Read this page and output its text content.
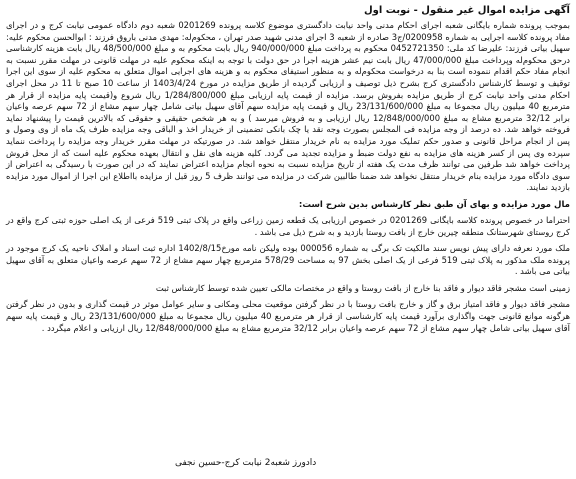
آگهی مزایده اموال غیر منقول - نوبت اول

بموجب پرونده شماره بایگانی شعبه اجرای احکام مدنی واحد نیابت دادگستری موضوع کلاسه پرونده 0201269 شعبه دوم دادگاه عمومی نیابت کرج و در اجرای مفاد پرونده کلاسه اجرایی به شماره 0200958/ج3 صادره از شعبه 3 اجرای مدنی شهید صدر تهران ، محکوم‌له: مهدی مدنی باروق فرزند : ابوالحسن محکوم علیه: سهیل بیاتی فرزند: علیرضا کد ملی: 0452721350 محکوم به پرداخت مبلغ 940/000/000 ریال بابت محکوم به و مبلغ 48/500/000 ریال بابت هزینه کارشناسی درحق محکوم‌له وپرداخت مبلغ 47/000/000 ریال بابت نیم عشر هزینه اجرا در حق دولت با توجه به اینکه محکوم علیه در مهلت قانونی در مهلت مقرر نسبت به انجام مفاد حکم اقدام ننموده است بنا به درخواست محکوم‌له و به منظور استیفای محکوم به و هزینه های اجرایی اموال متعلق به محکوم علیه از سوی این اجرا توقیف و توسط کارشناس دادگستری کرج بشرح ذیل توصیف و ارزیابی گردیده از طریق مزایده در مورخ 1403/4/24 از ساعت 10 صبح تا 11 در محل اجرای احکام مدنی واحد نیابت کرج از طریق مزایده بفروش برسد. مزایده از قیمت پایه ارزیابی مبلغ 1/284/800/000 ریال شروع و(قیمت پایه مزایده از قرار هر مترمربع 40 میلیون ریال مجموعا به مبلغ 23/131/600/000 ریال و قیمت پایه مزایده سهم آقای سهیل بیاتی شامل چهار سهم مشاع از 72 سهم عرصه واعیان برابر 32/12 مترمربع مشاع به مبلغ 12/848/000/000 ریال ارزیابی و به فروش میرسد ) و به هر شخص حقیقی و حقوقی که بالاترین قیمت را پیشنهاد نماید فروخته خواهد شد. ده درصد از وجه مزایده فی المجلس بصورت وجه نقد یا چک بانکی تضمینی از خریدار اخذ و الباقی وجه مزایده ظرف یک ماه از وی وصول و پس از انجام مراحل قانونی و صدور حکم تملیک مورد مزایده به نام خریدار منتقل خواهد شد. در صورتیکه در مهلت مقرر خریدار وجه مزایده را پرداخت ننماید سپرده وی پس از کسر هزینه های مزایده به نفع دولت ضبط و مزایده تجدید می گردد. کلیه هزینه های نقل و انتقال بعهده محکوم علیه است که از محل فروش پرداخت خواهد شد طرفین می توانند ظرف مدت یک هفته از تاریخ مزایده نسبت به نحوه انجام مزایده اعتراض نمایند که در این صورت با رسیدگی به اعتراض از سوی دادگاه مورد مزایده بنام خریدار منتقل نخواهد شد ضمنا طالبین شرکت در مزایده می توانند ظرف 5 روز قبل از مزایده بااطلاع این اجرا از اموال مورد مزایده بازدید نمایند.

مال مورد مزایده و بهای آن طبق نظر کارشناس بدین شرح است:

احتراما در خصوص پرونده کلاسه بایگانی 0201269 در خصوص ارزیابی یک قطعه زمین زراعی واقع در پلاک ثبتی 519 فرعی از یک اصلی حوزه ثبتی کرج واقع در کرج روستای شهرستانک منطقه چیرین خارج از بافت روستا بازدید و به شرح ذیل می باشد .

ملک مورد نعرفه دارای پیش نویس سند مالکیت تک برگی به شماره 000056 بوده ولیکن نامه مورخ1402/8/15 اداره ثبت اسناد و املاک ناحیه یک کرج موجود در پرونده ملک مذکور به پلاک ثبتی 519 فرعی از یک اصلی بخش 97 به مساحت 578/29 مترمربع چهار سهم مشاع از 72 سهم عرصه واعیان متعلق به آقای سهیل بیاتی می باشد .

زمینی است مشجر فاقد دیوار و فاقد بنا خارج از بافت روستا و واقع در مختصات مالکی تعیین شده توسط کارشناس ثبت

مشجر فاقد دیوار و فاقد امتیاز برق و گاز و خارج بافت روستا با در نظر گرفتن موقعیت محلی ومکانی و سایر عوامل موثر در قیمت گذاری و بدون در نظر گرفتن هرگونه موانع قانونی جهت واگذاری برآورد قیمت پایه کارشناسی از قرار هر مترمربع 40 میلیون ریال مجموعا به مبلغ 23/131/600/000 ریال و قیمت پایه سهم آقای سهیل بیاتی شامل چهار سهم مشاع از 72 سهم عرصه واعیان برابر 32/12 مترمربع مشاع به مبلغ 12/848/000/000 ریال ارزیابی و اعلام میگردد .

دادورز شعبه2 نیابت کرج-حسین نجفی
